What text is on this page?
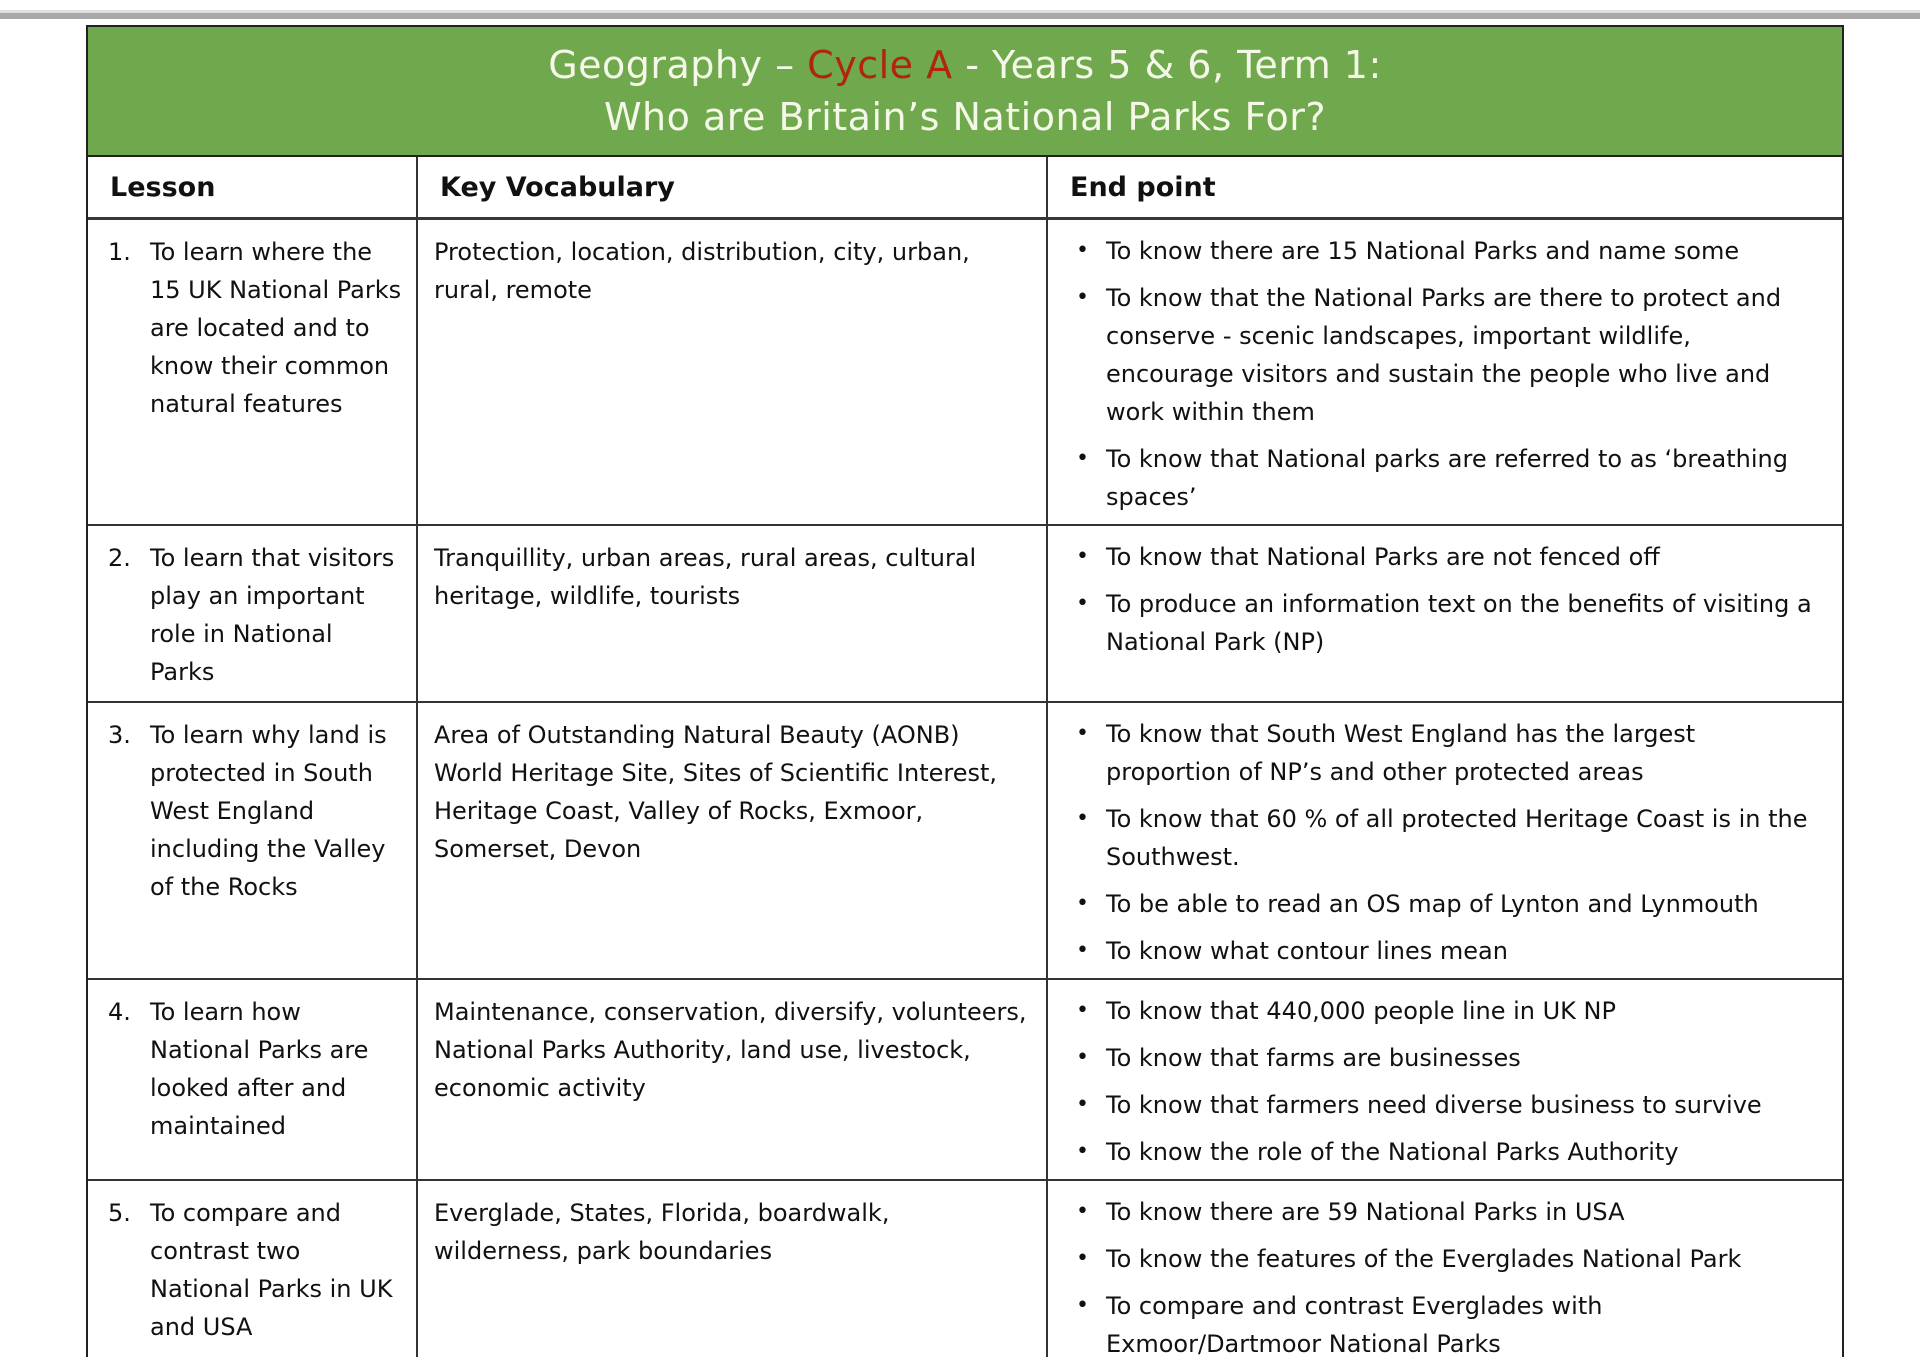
Geography – Cycle A - Years 5 & 6, Term 1:
Who are Britain’s National Parks For?
Lesson	Key Vocabulary	End point
1. To learn where the 15 UK National Parks are located and to know their common natural features
Protection, location, distribution, city, urban, rural, remote
• To know there are 15 National Parks and name some
• To know that the National Parks are there to protect and conserve - scenic landscapes, important wildlife, encourage visitors and sustain the people who live and work within them
• To know that National parks are referred to as ‘breathing spaces’
2. To learn that visitors play an important role in National Parks
Tranquillity, urban areas, rural areas, cultural heritage, wildlife, tourists
• To know that National Parks are not fenced off
• To produce an information text on the benefits of visiting a National Park (NP)
3. To learn why land is protected in South West England including the Valley of the Rocks
Area of Outstanding Natural Beauty (AONB) World Heritage Site, Sites of Scientific Interest, Heritage Coast, Valley of Rocks, Exmoor, Somerset, Devon
• To know that South West England has the largest proportion of NP’s and other protected areas
• To know that 60 % of all protected Heritage Coast is in the Southwest.
• To be able to read an OS map of Lynton and Lynmouth
• To know what contour lines mean
4. To learn how National Parks are looked after and maintained
Maintenance, conservation, diversify, volunteers, National Parks Authority, land use, livestock, economic activity
• To know that 440,000 people line in UK NP
• To know that farms are businesses
• To know that farmers need diverse business to survive
• To know the role of the National Parks Authority
5. To compare and contrast two National Parks in UK and USA
Everglade, States, Florida, boardwalk, wilderness, park boundaries
• To know there are 59 National Parks in USA
• To know the features of the Everglades National Park
• To compare and contrast Everglades with Exmoor/Dartmoor National Parks
